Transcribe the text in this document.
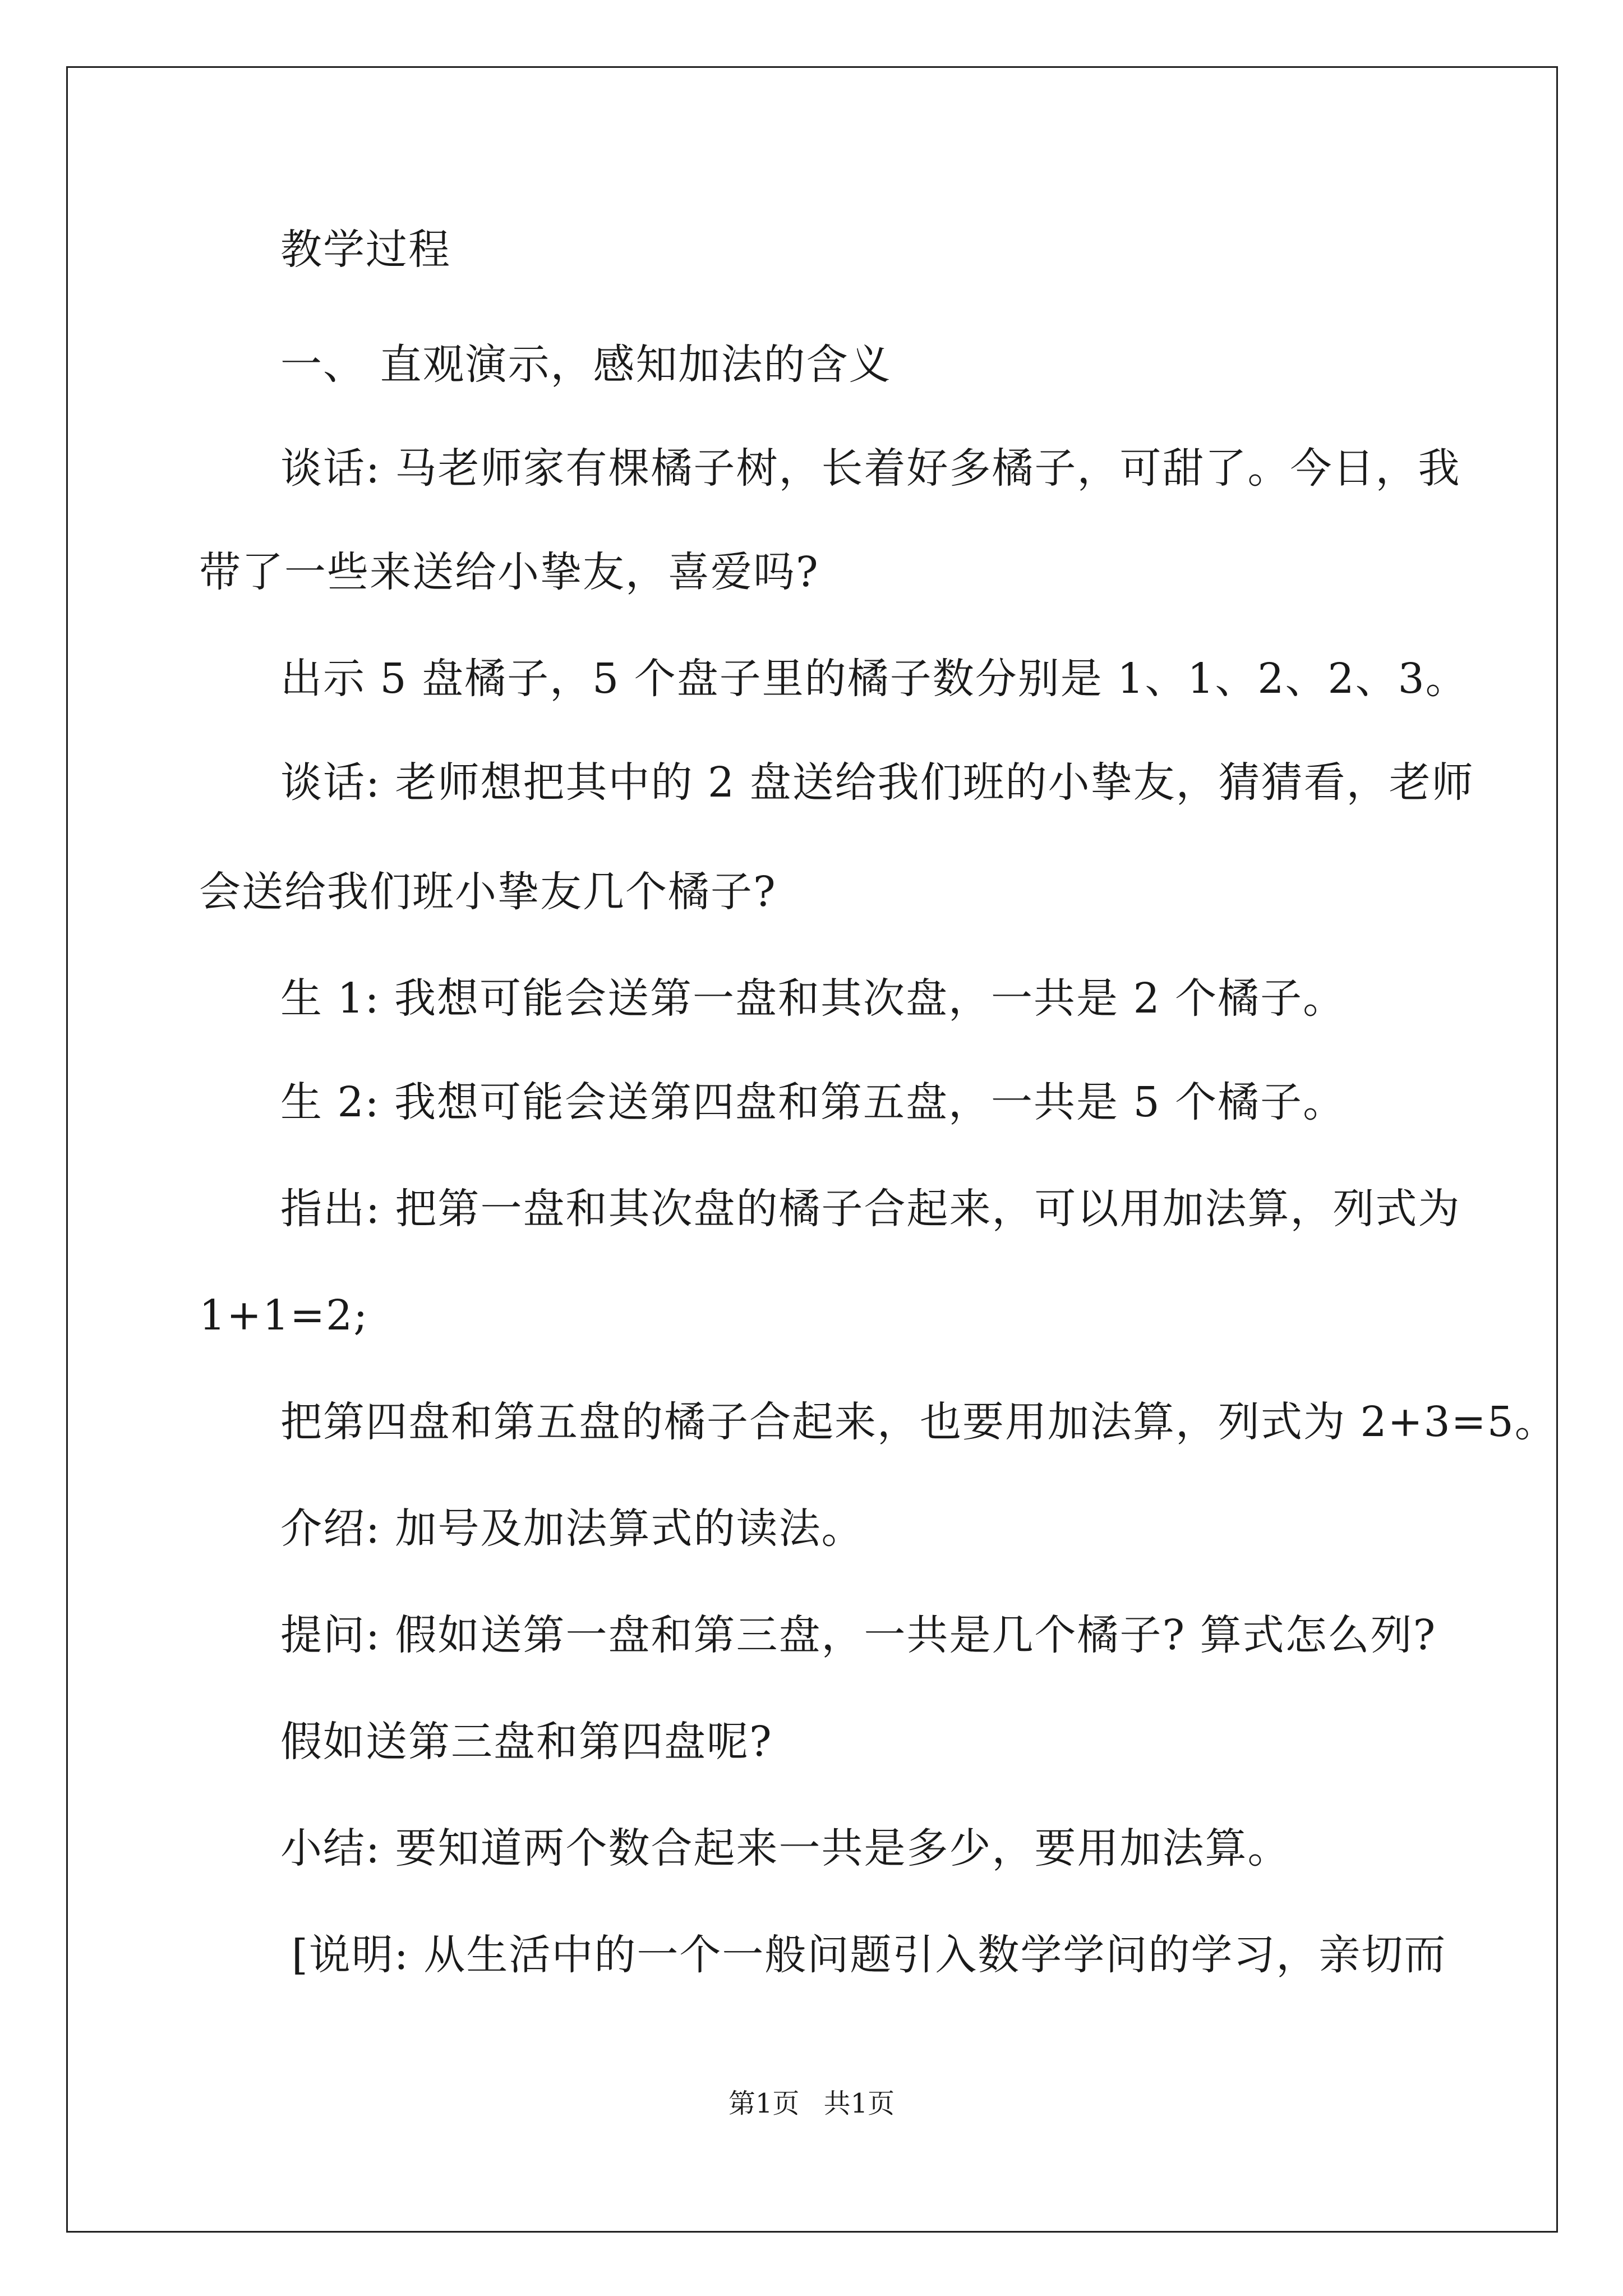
教学过程
一、 直观演示，感知加法的含义
谈话: 马老师家有棵橘子树，长着好多橘子，可甜了。今日，我
带了一些来送给小挚友，喜爱吗?
出示 5 盘橘子，5 个盘子里的橘子数分别是 1、1、2、2、3。
谈话: 老师想把其中的 2 盘送给我们班的小挚友，猜猜看，老师
会送给我们班小挚友几个橘子?
生 1: 我想可能会送第一盘和其次盘，一共是 2 个橘子。
生 2: 我想可能会送第四盘和第五盘，一共是 5 个橘子。
指出: 把第一盘和其次盘的橘子合起来，可以用加法算，列式为
1+1=2;
把第四盘和第五盘的橘子合起来，也要用加法算，列式为 2+3=5。
介绍: 加号及加法算式的读法。
提问: 假如送第一盘和第三盘，一共是几个橘子? 算式怎么列?
假如送第三盘和第四盘呢?
小结: 要知道两个数合起来一共是多少，要用加法算。
[说明: 从生活中的一个一般问题引入数学学问的学习，亲切而
第1页 共1页
